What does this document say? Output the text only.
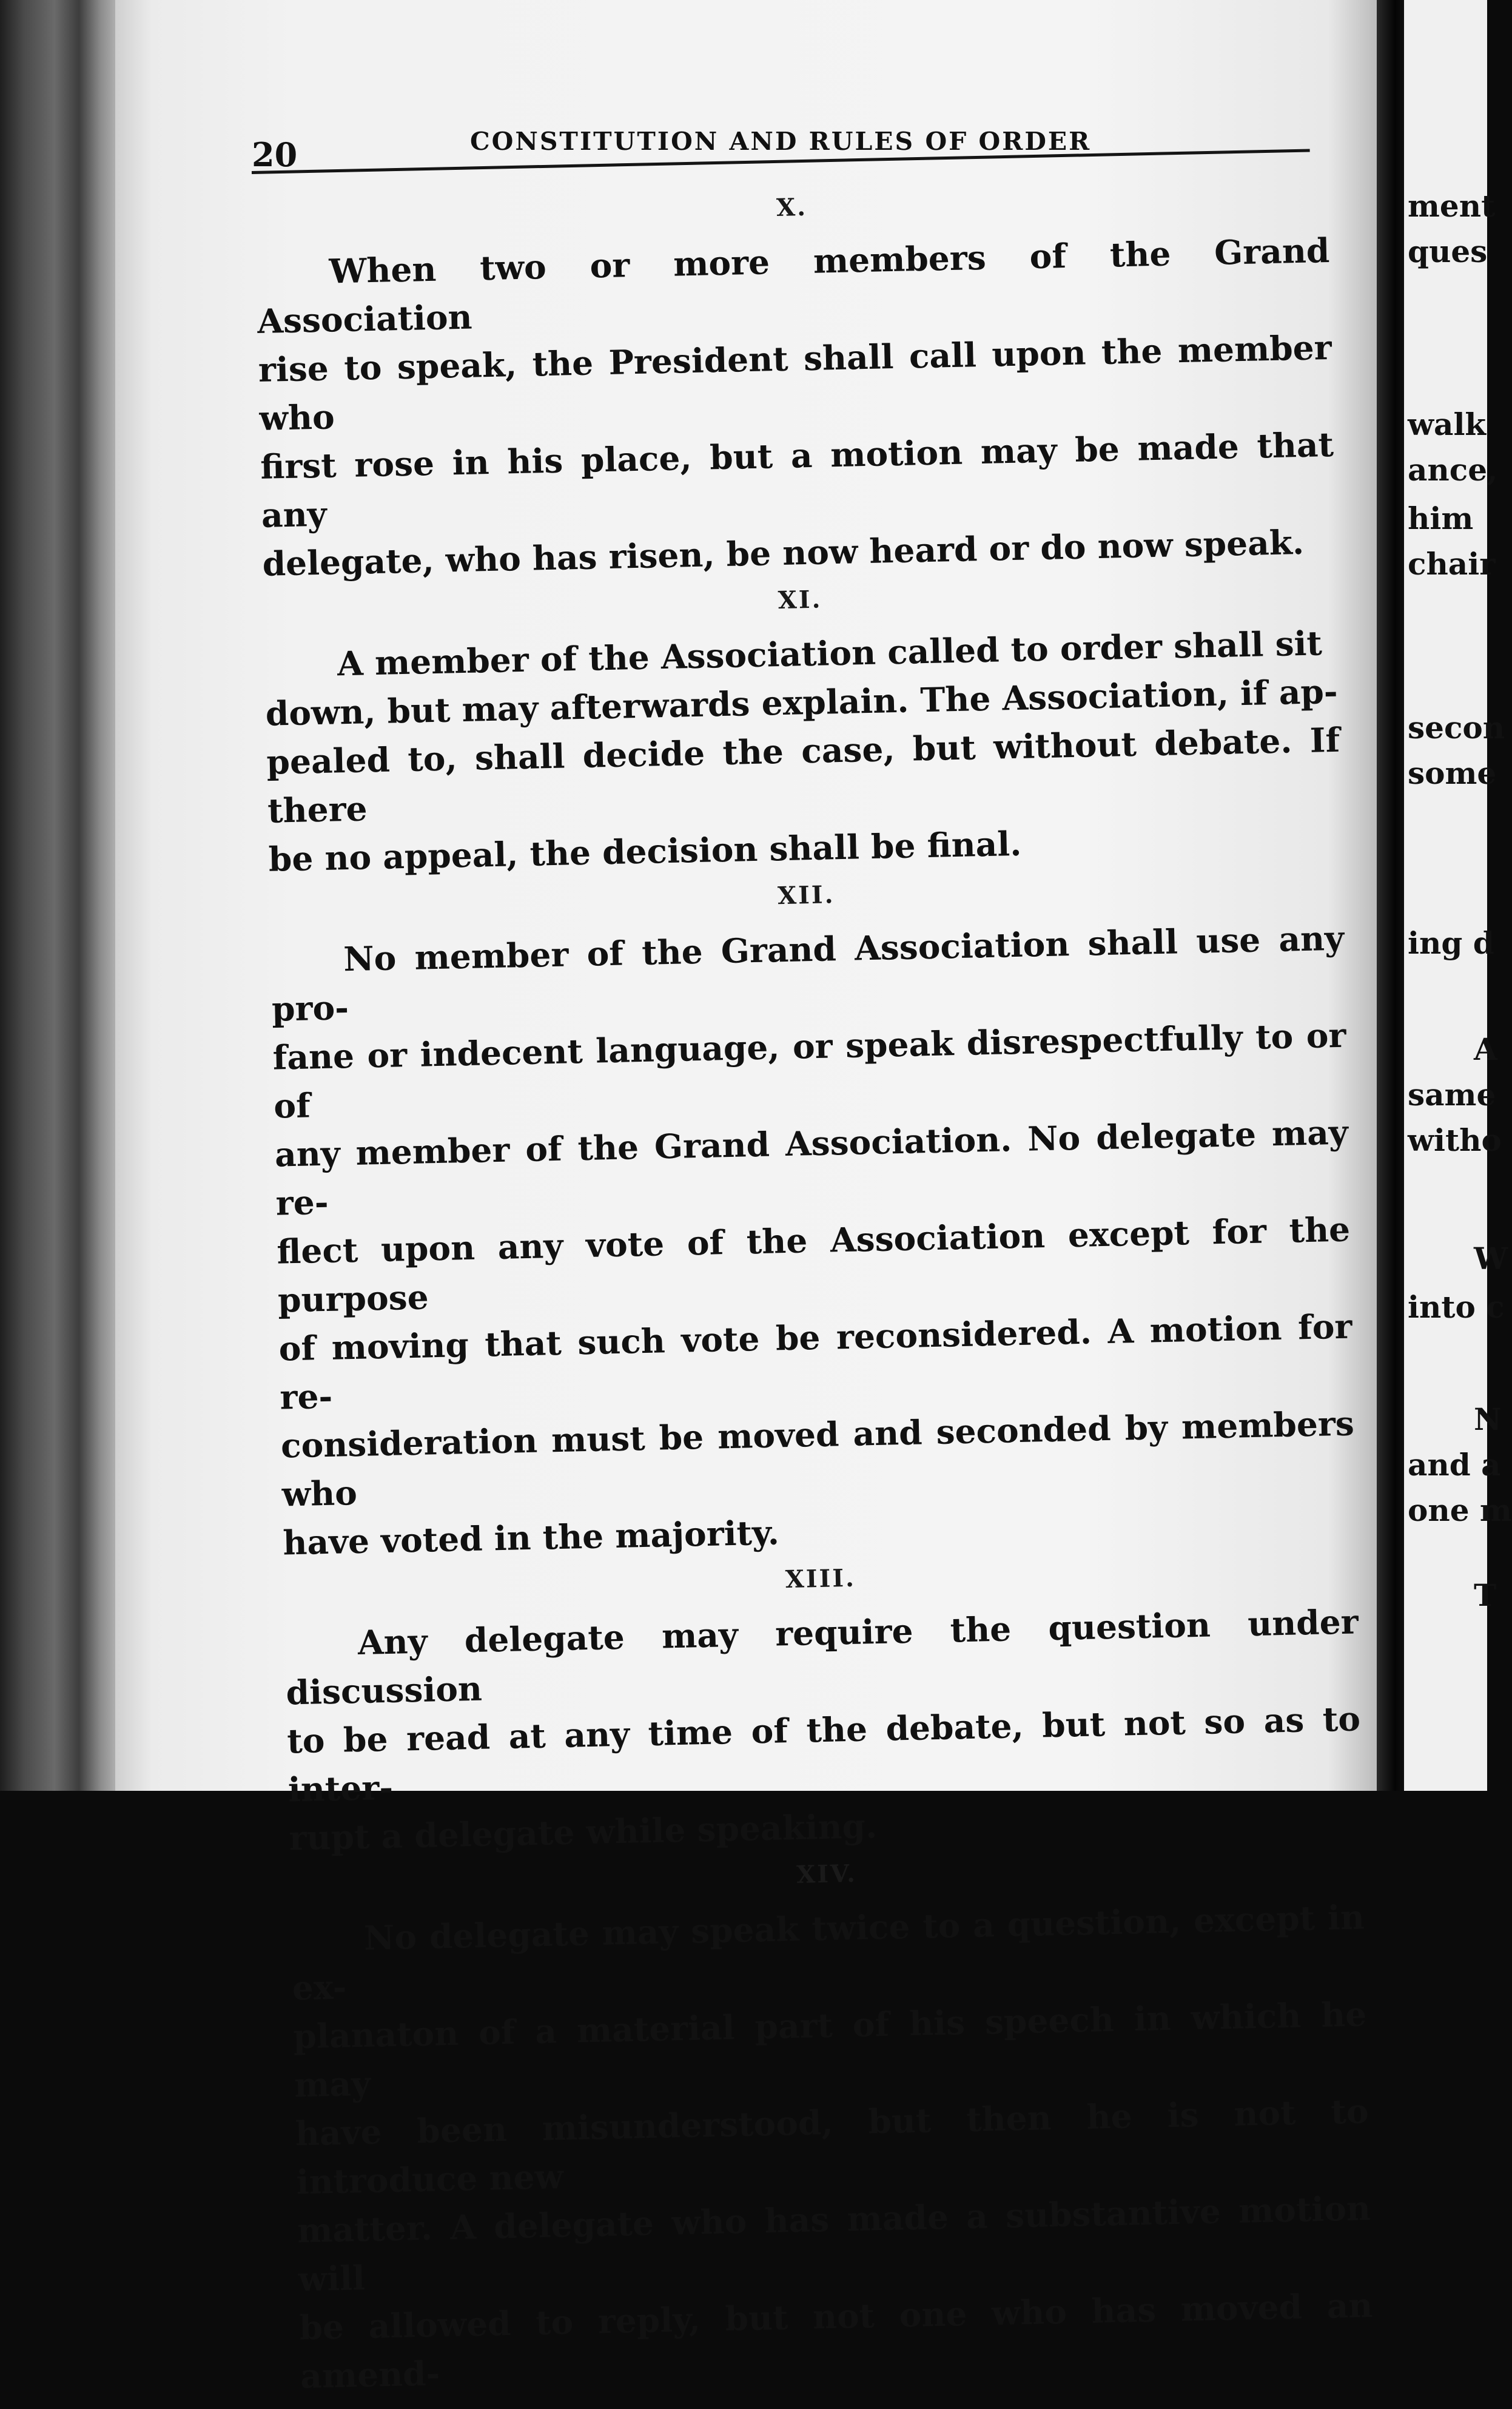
20	CONSTITUTION AND RULES OF ORDER
X.

When two or more members of the Grand Association
rise to speak, the President shall call upon the member who
first rose in his place, but a motion may be made that any
delegate, who has risen, be now heard or do now speak.

XI.

A member of the Association called to order shall sit
down, but may afterwards explain. The Association, if ap-
pealed to, shall decide the case, but without debate. If there
be no appeal, the decision shall be final.

XII.

No member of the Grand Association shall use any pro-
fane or indecent language, or speak disrespectfully to or of
any member of the Grand Association. No delegate may re-
flect upon any vote of the Association except for the purpose
of moving that such vote be reconsidered. A motion for re-
consideration must be moved and seconded by members who
have voted in the majority.

XIII.

Any delegate may require the question under discussion
to be read at any time of the debate, but not so as to inter-
rupt a delegate while speaking.

XIV.

No delegate may speak twice to a question, except in ex-
planaton of a material part of his speech in which he may
have been misunderstood, but then he is not to introduce new
matter. A delegate who has made a substantive motion will
be allowed to reply, but not one who has moved an amend-

ment
ques
walk
ance,
him
chair
secon
some
ing d
A
same
witho
W
into c
N
and a
one m
T
